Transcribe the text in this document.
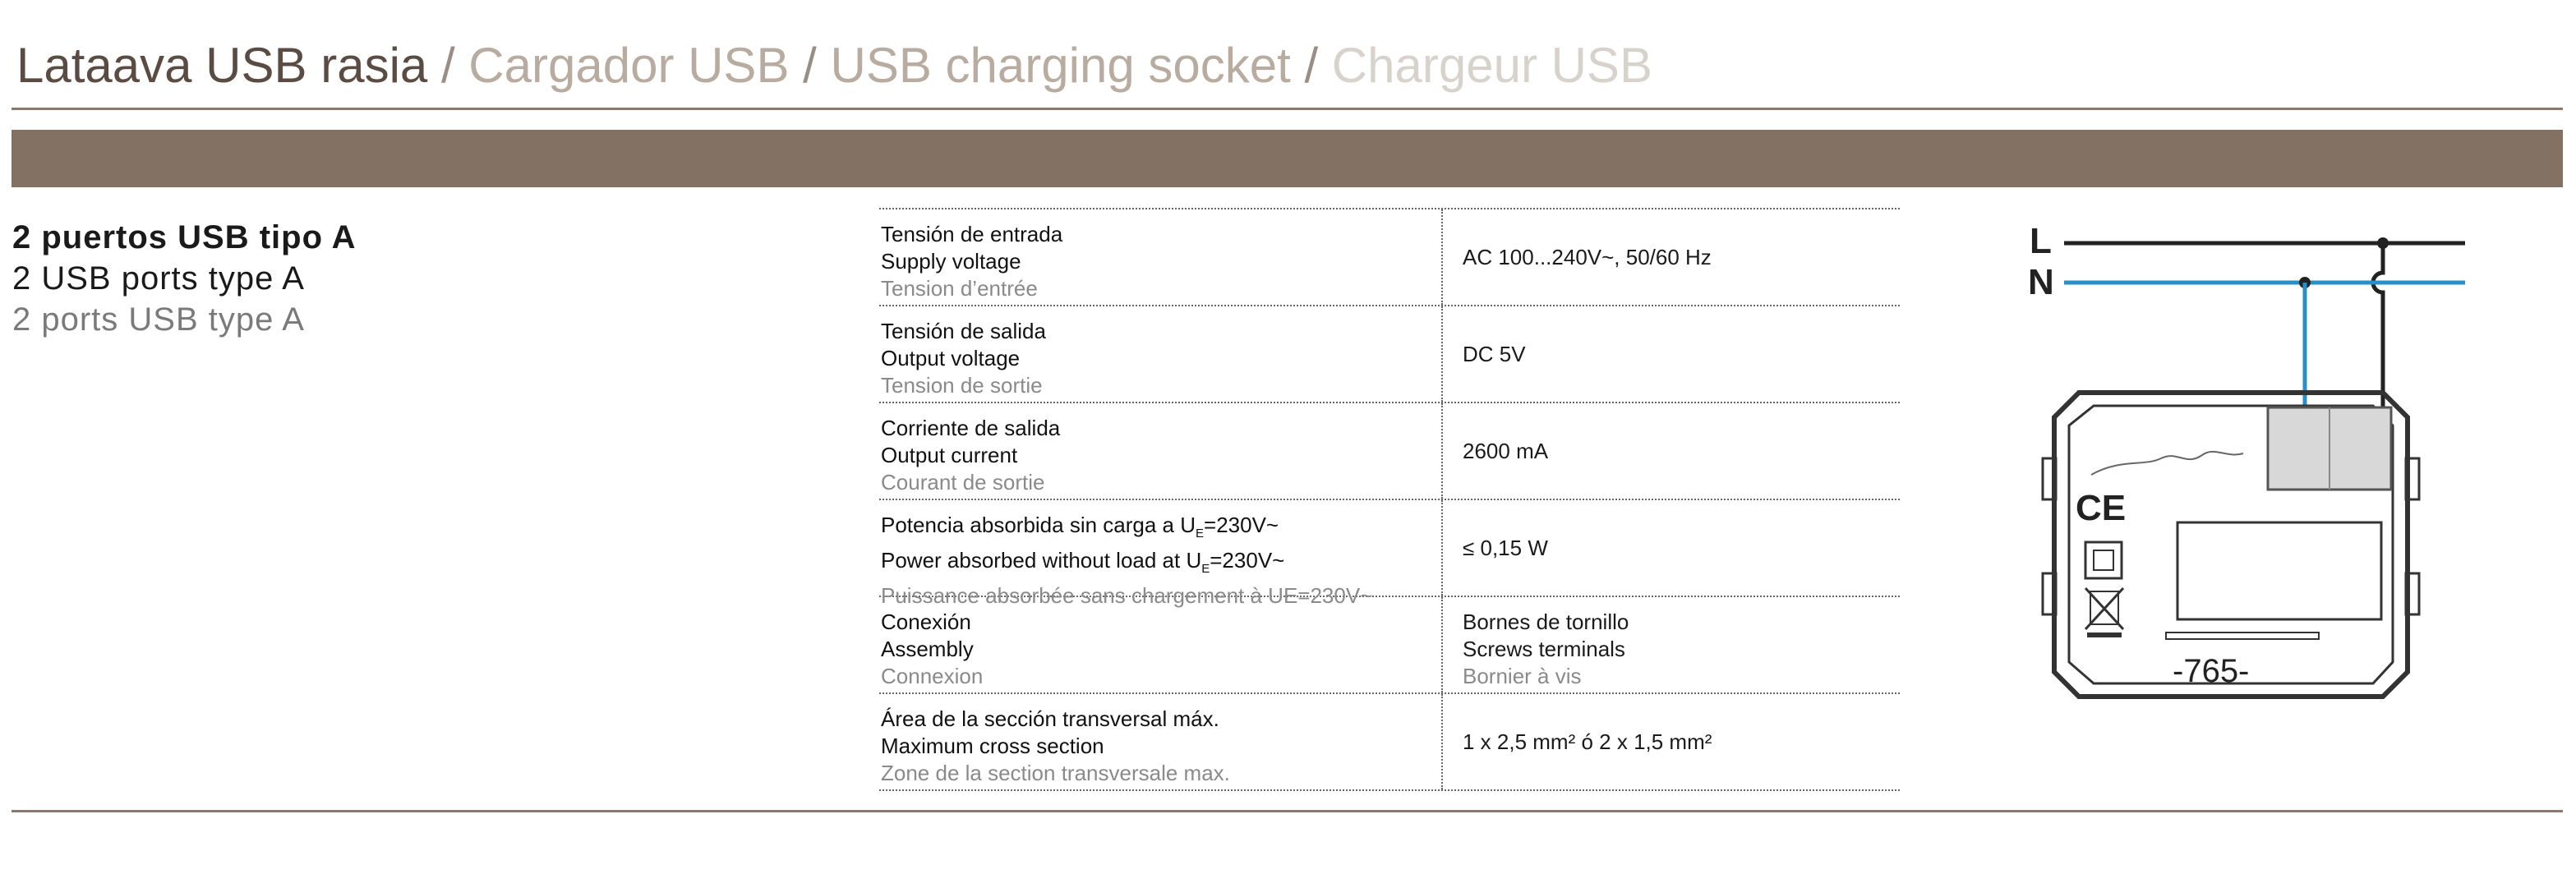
Lataava USB rasia / Cargador USB / USB charging socket / Chargeur USB
2 puertos USB tipo A
2 USB ports type A
2 ports USB type A
Tensión de entrada
Supply voltage
Tension d’entrée
AC 100...240V~, 50/60 Hz
Tensión de salida
Output voltage
Tension de sortie
DC 5V
Corriente de salida
Output current
Courant de sortie
2600 mA
Potencia absorbida sin carga a $U_E=230V\sim$
Power absorbed without load at $U_E=230V\sim$
Puissance absorbée sans chargement à UE=230V~
≤ 0,15 W
Conexión
Assembly
Connexion
Bornes de tornillo
Screws terminals
Bornier à vis
Área de la sección transversal máx.
Maximum cross section
Zone de la section transversale max.
1 x 2,5 mm² ó 2 x 1,5 mm²
L
N
CE
-765-
